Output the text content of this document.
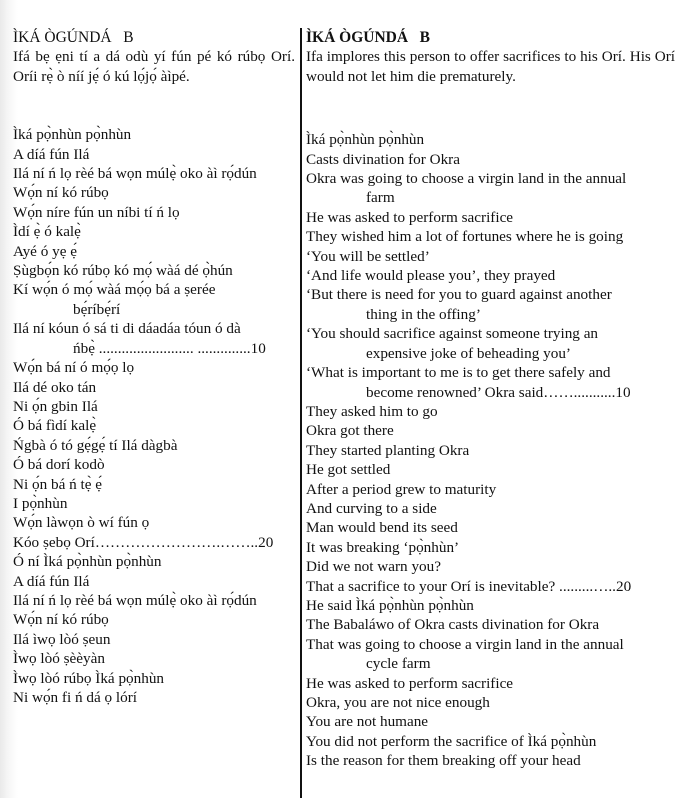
ÌKÁ ÒGÚNDÁ   B
Ifá bẹ ẹni tí a dá odù yí fún pé kó rúbọ Orí. Oríi rẹ̀ ò níí jẹ́ ó kú lọ́jọ́ àìpé.
Ìká pọ̀nhùn pọ̀nhùn
A díá fún Ilá
Ilá ní ń lọ rèé bá wọn múlẹ̀ oko àì rọ́dún
Wọ́n ní kó rúbọ
Wọ́n níre fún un níbi tí ń lọ
Ìdí ẹ̀ ó kalẹ̀
Ayé ó yẹ ẹ́
Ṣùgbọ́n kó rúbọ kó mọ́ wàá dé ọ̀hún
Kí wọ́n ó mọ́ wàá mọ́ọ bá a ṣerée
bẹ́ríbẹ́rí
Ilá ní kóun ó sá ti di dáadáa tóun ó dà
ńbẹ̀ ......................... ..............10
Wọ́n bá ní ó mọ́ọ lọ
Ilá dé oko tán
Ni ọ́n gbin Ilá
Ó bá fìdí kalẹ̀
Ńgbà ó tó gẹ́gẹ́ tí Ilá dàgbà
Ó bá dorí kodò
Ni ọ́n bá ń tẹ̀ ẹ́
I pọ̀nhùn
Wọ́n làwọn ò wí fún ọ
Kóo ṣebọ Orí…………………….……..20
Ó ní Ìká pọ̀nhùn pọ̀nhùn
A díá fún Ilá
Ilá ní ń lọ rèé bá wọn múlẹ̀ oko àì rọ́dún
Wọ́n ní kó rúbọ
Ilá ìwọ lòó ṣeun
Ìwọ lòó ṣèèyàn
Ìwọ lòó rúbọ Ìká pọ̀nhùn
Ni wọ́n fi ń dá ọ lórí
ÌKÁ ÒGÚNDÁ   B
Ifa implores this person to offer sacrifices to his Orí. His Orí would not let him die prematurely.
Ìká pọ̀nhùn pọ̀nhùn
Casts divination for Okra
Okra was going to choose a virgin land in the annual
farm
He was asked to perform sacrifice
They wished him a lot of fortunes where he is going
‘You will be settled’
‘And life would please you’, they prayed
‘But there is need for you to guard against another
thing in the offing’
‘You should sacrifice against someone trying an
expensive joke of beheading you’
‘What is important to me is to get there safely and
become renowned’ Okra said……...........10
They asked him to go
Okra got there
They started planting Okra
He got settled
After a period grew to maturity
And curving to a side
Man would bend its seed
It was breaking ‘pọ̀nhùn’
Did we not warn you?
That a sacrifice to your Orí is inevitable? .........…..20
He said Ìká pọ̀nhùn pọ̀nhùn
The Babaláwo of Okra casts divination for Okra
That was going to choose a virgin land in the annual
cycle farm
He was asked to perform sacrifice
Okra, you are not nice enough
You are not humane
You did not perform the sacrifice of Ìká pọ̀nhùn
Is the reason for them breaking off your head
